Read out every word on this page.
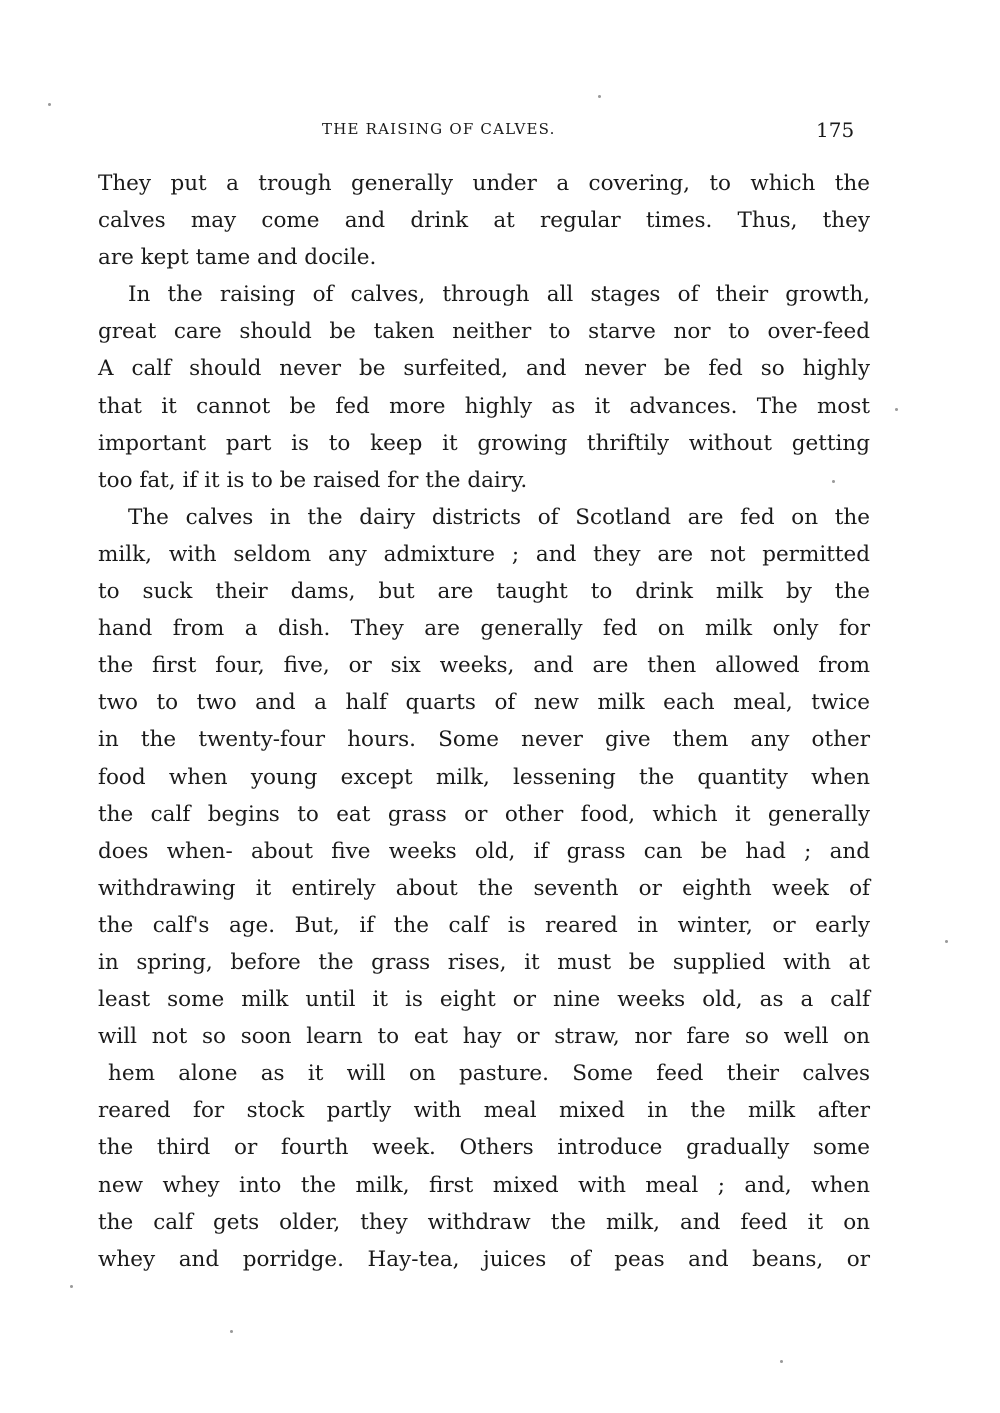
THE RAISING OF CALVES.	175
They put a trough generally under a covering, to which the
calves may come and drink at regular times. Thus, they
are kept tame and docile.
In the raising of calves, through all stages of their growth,
great care should be taken neither to starve nor to over-feed
A calf should never be surfeited, and never be fed so highly
that it cannot be fed more highly as it advances. The most
important part is to keep it growing thriftily without getting
too fat, if it is to be raised for the dairy.
The calves in the dairy districts of Scotland are fed on the
milk, with seldom any admixture ; and they are not permitted
to suck their dams, but are taught to drink milk by the
hand from a dish. They are generally fed on milk only for
the first four, five, or six weeks, and are then allowed from
two to two and a half quarts of new milk each meal, twice
in the twenty-four hours. Some never give them any other
food when young except milk, lessening the quantity when
the calf begins to eat grass or other food, which it generally
does when- about five weeks old, if grass can be had ; and
withdrawing it entirely about the seventh or eighth week of
the calf's age. But, if the calf is reared in winter, or early
in spring, before the grass rises, it must be supplied with at
least some milk until it is eight or nine weeks old, as a calf
will not so soon learn to eat hay or straw, nor fare so well on
hem alone as it will on pasture. Some feed their calves
reared for stock partly with meal mixed in the milk after
the third or fourth week. Others introduce gradually some
new whey into the milk, first mixed with meal ; and, when
the calf gets older, they withdraw the milk, and feed it on
whey and porridge. Hay-tea, juices of peas and beans, or
